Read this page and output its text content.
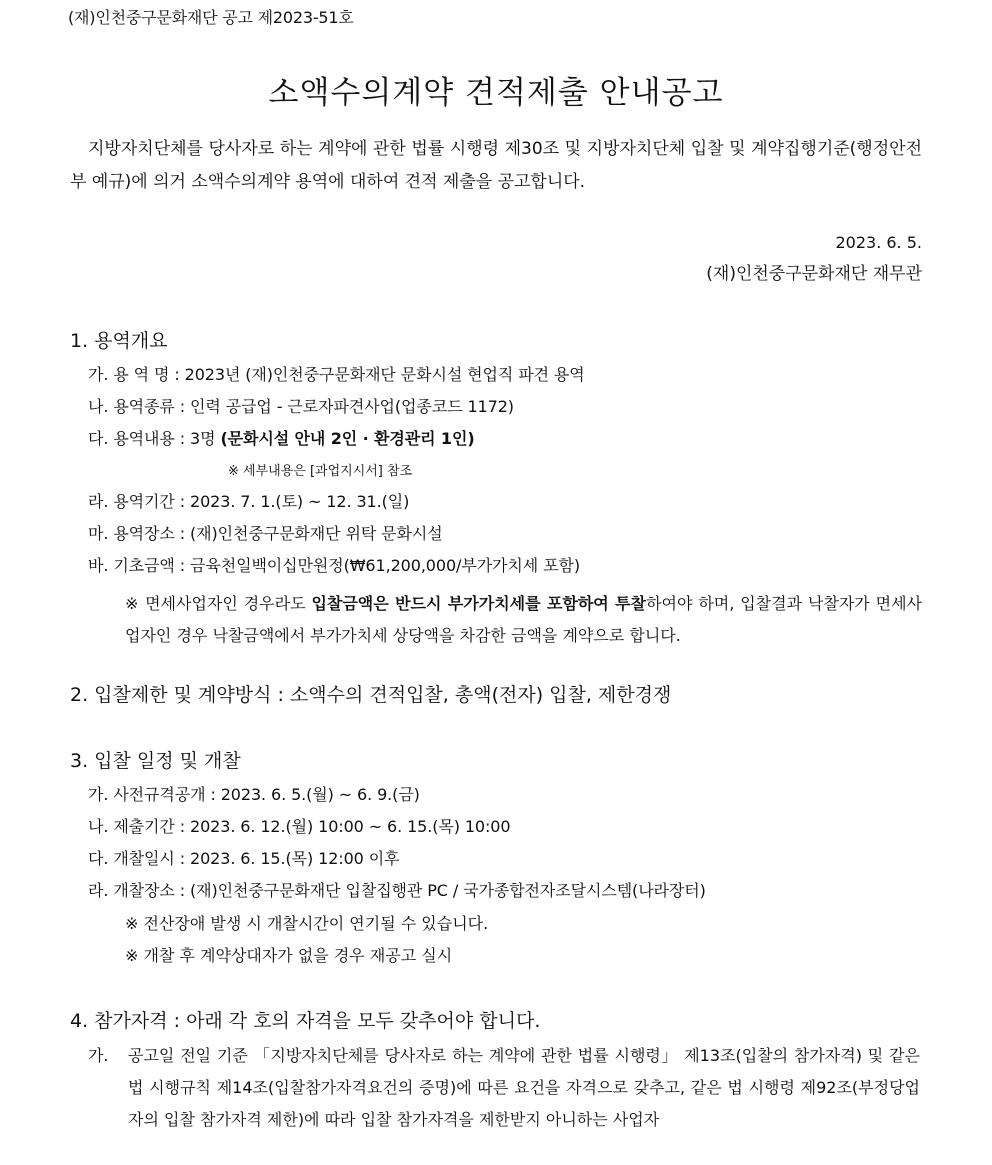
(재)인천중구문화재단 공고 제2023-51호
소액수의계약 견적제출 안내공고
지방자치단체를 당사자로 하는 계약에 관한 법률 시행령 제30조 및 지방자치단체 입찰 및 계약집행기준(행정안전부 예규)에 의거 소액수의계약 용역에 대하여 견적 제출을 공고합니다.
2023. 6. 5.
(재)인천중구문화재단 재무관
1. 용역개요
가. 용 역 명 : 2023년 (재)인천중구문화재단 문화시설 현업직 파견 용역
나. 용역종류 : 인력 공급업 - 근로자파견사업(업종코드 1172)
다. 용역내용 : 3명 (문화시설 안내 2인 · 환경관리 1인)
※ 세부내용은 [과업지시서] 참조
라. 용역기간 : 2023. 7. 1.(토) ~ 12. 31.(일)
마. 용역장소 : (재)인천중구문화재단 위탁 문화시설
바. 기초금액 : 금육천일백이십만원정(₩61,200,000/부가가치세 포함)
※ 면세사업자인 경우라도 입찰금액은 반드시 부가가치세를 포함하여 투찰하여야 하며, 입찰결과 낙찰자가 면세사업자인 경우 낙찰금액에서 부가가치세 상당액을 차감한 금액을 계약으로 합니다.
2. 입찰제한 및 계약방식 : 소액수의 견적입찰, 총액(전자) 입찰, 제한경쟁
3. 입찰 일정 및 개찰
가. 사전규격공개 : 2023. 6. 5.(월) ~ 6. 9.(금)
나. 제출기간 : 2023. 6. 12.(월) 10:00 ~ 6. 15.(목) 10:00
다. 개찰일시 : 2023. 6. 15.(목) 12:00 이후
라. 개찰장소 : (재)인천중구문화재단 입찰집행관 PC / 국가종합전자조달시스템(나라장터)
※ 전산장애 발생 시 개찰시간이 연기될 수 있습니다.
※ 개찰 후 계약상대자가 없을 경우 재공고 실시
4. 참가자격 : 아래 각 호의 자격을 모두 갖추어야 합니다.
가. 공고일 전일 기준 「지방자치단체를 당사자로 하는 계약에 관한 법률 시행령」 제13조(입찰의 참가자격) 및 같은 법 시행규칙 제14조(입찰참가자격요건의 증명)에 따른 요건을 자격으로 갖추고, 같은 법 시행령 제92조(부정당업자의 입찰 참가자격 제한)에 따라 입찰 참가자격을 제한받지 아니하는 사업자
